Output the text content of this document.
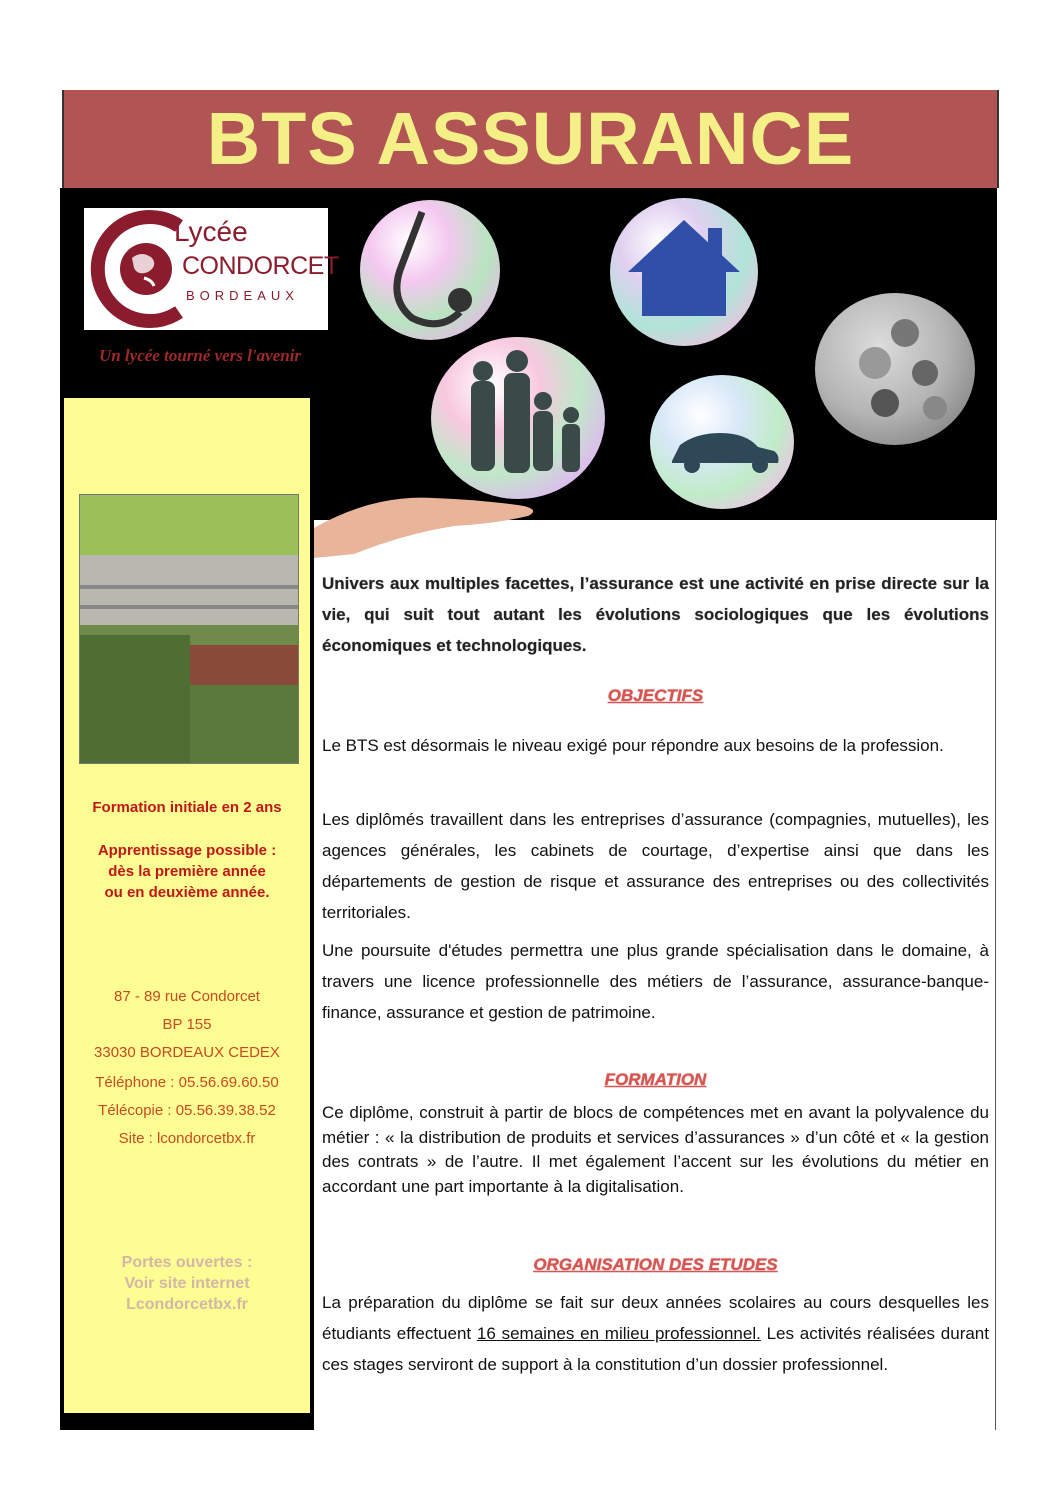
BTS ASSURANCE
Lycée
CONDORCET
BORDEAUX
Un lycée tourné vers l'avenir
Formation initiale en 2 ans
Apprentissage possible :
dès la première année
ou en deuxième année.
87 - 89 rue Condorcet
BP 155
33030 BORDEAUX CEDEX
Téléphone : 05.56.69.60.50
Télécopie : 05.56.39.38.52
Site : lcondorcetbx.fr
Portes ouvertes :
Voir site internet
Lcondorcetbx.fr
Univers aux multiples facettes, l’assurance est une activité en prise directe sur la vie, qui suit tout autant les évolutions sociologiques que les évolutions économiques et technologiques.
OBJECTIFS
Le BTS est désormais le niveau exigé pour répondre aux besoins de la profession.
Les diplômés travaillent dans les entreprises d’assurance (compagnies, mutuelles), les agences générales, les cabinets de courtage, d’expertise ainsi que dans les départements de gestion de risque et assurance des entreprises ou des collectivités territoriales.
Une poursuite d'études permettra une plus grande spécialisation dans le domaine, à travers une licence professionnelle des métiers de l’assurance, assurance-banque-finance, assurance et gestion de patrimoine.
FORMATION
Ce diplôme, construit à partir de blocs de compétences met en avant la polyvalence du métier : « la distribution de produits et services d’assurances » d’un côté et « la gestion des contrats » de l’autre. Il met également l’accent sur les évolutions du métier en accordant une part importante à la digitalisation.
ORGANISATION DES ETUDES
La préparation du diplôme se fait sur deux années scolaires au cours desquelles les étudiants effectuent 16 semaines en milieu professionnel. Les activités réalisées durant ces stages serviront de support à la constitution d’un dossier professionnel.
